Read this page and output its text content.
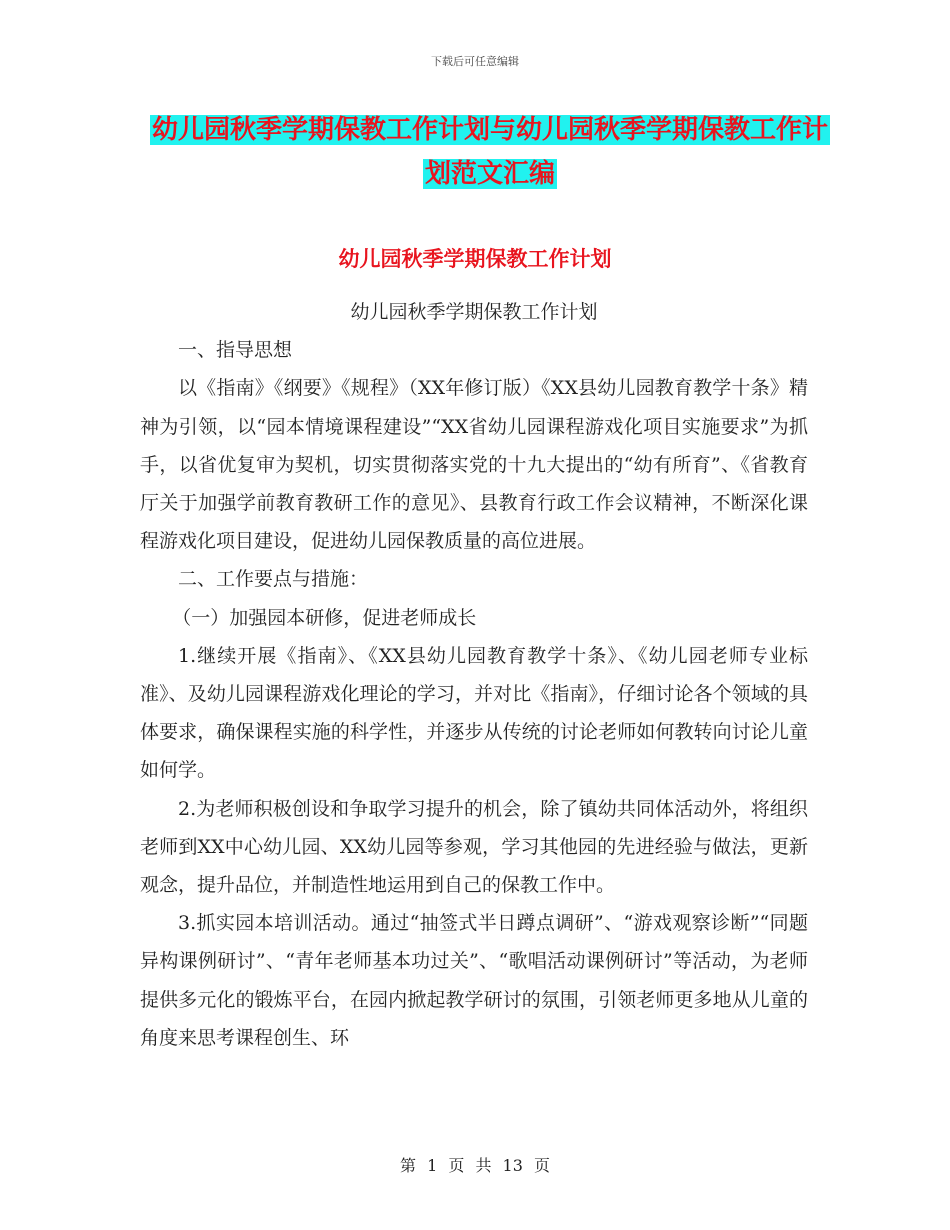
下载后可任意编辑
幼儿园秋季学期保教工作计划与幼儿园秋季学期保教工作计划范文汇编
幼儿园秋季学期保教工作计划

幼儿园秋季学期保教工作计划

一、指导思想

以《指南》《纲要》《规程》（XX年修订版）《XX县幼儿园教育教学十条》精神为引领，以“园本情境课程建设”“XX省幼儿园课程游戏化项目实施要求”为抓手，以省优复审为契机，切实贯彻落实党的十九大提出的“幼有所育”、《省教育厅关于加强学前教育教研工作的意见》、县教育行政工作会议精神，不断深化课程游戏化项目建设，促进幼儿园保教质量的高位进展。

二、工作要点与措施：

（一）加强园本研修，促进老师成长

1.继续开展《指南》、《XX县幼儿园教育教学十条》、《幼儿园老师专业标准》、及幼儿园课程游戏化理论的学习，并对比《指南》，仔细讨论各个领域的具体要求，确保课程实施的科学性，并逐步从传统的讨论老师如何教转向讨论儿童如何学。

2.为老师积极创设和争取学习提升的机会，除了镇幼共同体活动外，将组织老师到XX中心幼儿园、XX幼儿园等参观，学习其他园的先进经验与做法，更新观念，提升品位，并制造性地运用到自己的保教工作中。

3.抓实园本培训活动。通过“抽签式半日蹲点调研”、“游戏观察诊断”“同题异构课例研讨”、“青年老师基本功过关”、“歌唱活动课例研讨”等活动，为老师提供多元化的锻炼平台，在园内掀起教学研讨的氛围，引领老师更多地从儿童的角度来思考课程创生、环

第 1 页 共 13 页
